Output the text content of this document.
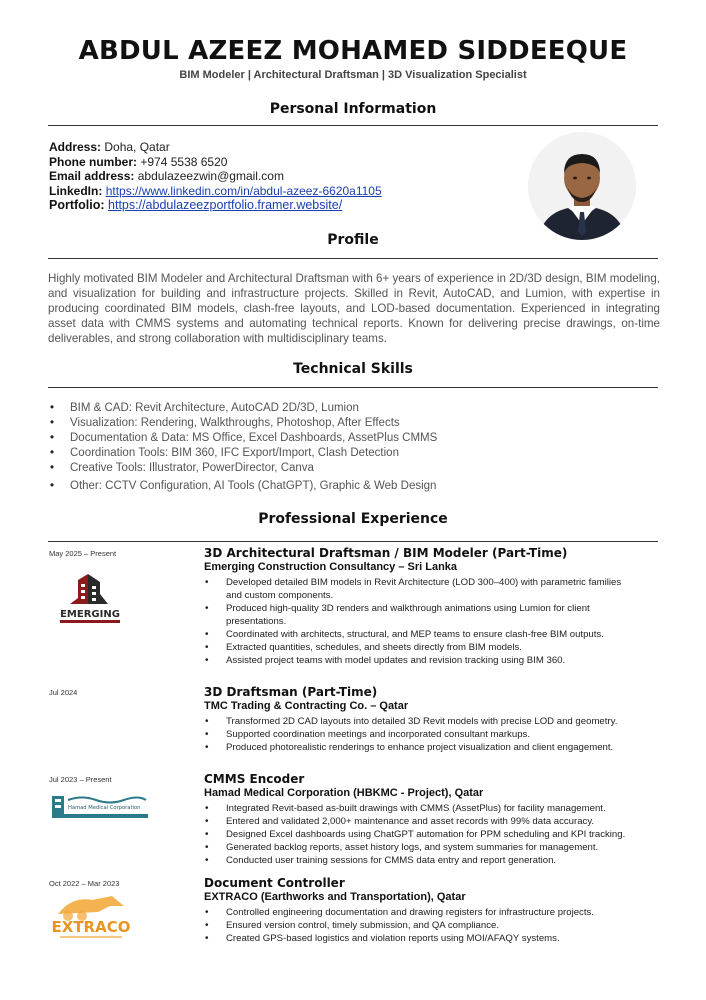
ABDUL AZEEZ MOHAMED SIDDEEQUE
BIM Modeler | Architectural Draftsman | 3D Visualization Specialist
Personal Information
Address: Doha, Qatar
Phone number: +974 5538 6520
Email address: abdulazeezwin@gmail.com
LinkedIn: https://www.linkedin.com/in/abdul-azeez-6620a1105
Portfolio: https://abdulazeezportfolio.framer.website/
Profile

Highly motivated BIM Modeler and Architectural Draftsman with 6+ years of experience in 2D/3D design, BIM modeling, and visualization for building and infrastructure projects. Skilled in Revit, AutoCAD, and Lumion, with expertise in producing coordinated BIM models, clash-free layouts, and LOD-based documentation. Experienced in integrating asset data with CMMS systems and automating technical reports. Known for delivering precise drawings, on-time deliverables, and strong collaboration with multidisciplinary teams.

Technical Skills
• BIM & CAD: Revit Architecture, AutoCAD 2D/3D, Lumion
• Visualization: Rendering, Walkthroughs, Photoshop, After Effects
• Documentation & Data: MS Office, Excel Dashboards, AssetPlus CMMS
• Coordination Tools: BIM 360, IFC Export/Import, Clash Detection
• Creative Tools: Illustrator, PowerDirector, Canva
• Other: CCTV Configuration, AI Tools (ChatGPT), Graphic & Web Design
Professional Experience
May 2025 – Present
EMERGING
3D Architectural Draftsman / BIM Modeler (Part-Time)
Emerging Construction Consultancy – Sri Lanka
• Developed detailed BIM models in Revit Architecture (LOD 300–400) with parametric families and custom components.
• Produced high-quality 3D renders and walkthrough animations using Lumion for client presentations.
• Coordinated with architects, structural, and MEP teams to ensure clash-free BIM outputs.
• Extracted quantities, schedules, and sheets directly from BIM models.
• Assisted project teams with model updates and revision tracking using BIM 360.
Jul 2024	3D Draftsman (Part-Time)
TMC Trading & Contracting Co. – Qatar
• Transformed 2D CAD layouts into detailed 3D Revit models with precise LOD and geometry.
• Supported coordination meetings and incorporated consultant markups.
• Produced photorealistic renderings to enhance project visualization and client engagement.
Jul 2023 – Present
Hamad Medical Corporation
CMMS Encoder
Hamad Medical Corporation (HBKMC - Project), Qatar
• Integrated Revit-based as-built drawings with CMMS (AssetPlus) for facility management.
• Entered and validated 2,000+ maintenance and asset records with 99% data accuracy.
• Designed Excel dashboards using ChatGPT automation for PPM scheduling and KPI tracking.
• Generated backlog reports, asset history logs, and system summaries for management.
• Conducted user training sessions for CMMS data entry and report generation.
Oct 2022 – Mar 2023
EXTRACO
Document Controller
EXTRACO (Earthworks and Transportation), Qatar
• Controlled engineering documentation and drawing registers for infrastructure projects.
• Ensured version control, timely submission, and QA compliance.
• Created GPS-based logistics and violation reports using MOI/AFAQY systems.
